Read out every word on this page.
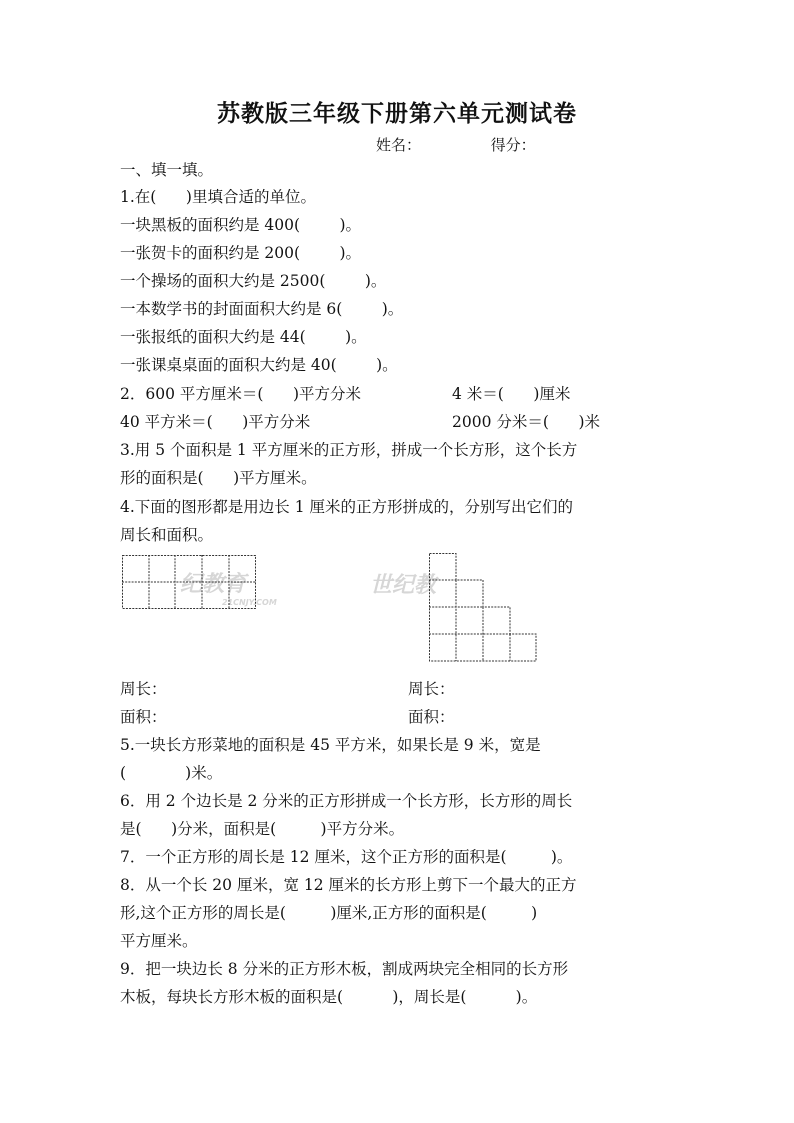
苏教版三年级下册第六单元测试卷
姓名：	得分：
一、填一填。
1.在(      )里填合适的单位。
一块黑板的面积约是 400(        )。
一张贺卡的面积约是 200(        )。
一个操场的面积大约是 2500(        )。
一本数学书的封面面积大约是 6(        )。
一张报纸的面积大约是 44(        )。
一张课桌桌面的面积大约是 40(        )。
2．600 平方厘米＝(      )平方分米	4 米＝(      )厘米
40 平方米＝(      )平方分米	2000 分米＝(      )米
3.用 5 个面积是 1 平方厘米的正方形，拼成一个长方形，这个长方
形的面积是(      )平方厘米。
4.下面的图形都是用边长 1 厘米的正方形拼成的，分别写出它们的
周长和面积。
纪教育
21CNJY.COM
世纪教
周长：	周长：
面积：	面积：
5.一块长方形菜地的面积是 45 平方米，如果长是 9 米，宽是
(            )米。
6．用 2 个边长是 2 分米的正方形拼成一个长方形，长方形的周长
是(      )分米，面积是(         )平方分米。
7．一个正方形的周长是 12 厘米，这个正方形的面积是(         )。
8．从一个长 20 厘米，宽 12 厘米的长方形上剪下一个最大的正方
形,这个正方形的周长是(         )厘米,正方形的面积是(         )
平方厘米。
9．把一块边长 8 分米的正方形木板，割成两块完全相同的长方形
木板，每块长方形木板的面积是(          )，周长是(          )。
